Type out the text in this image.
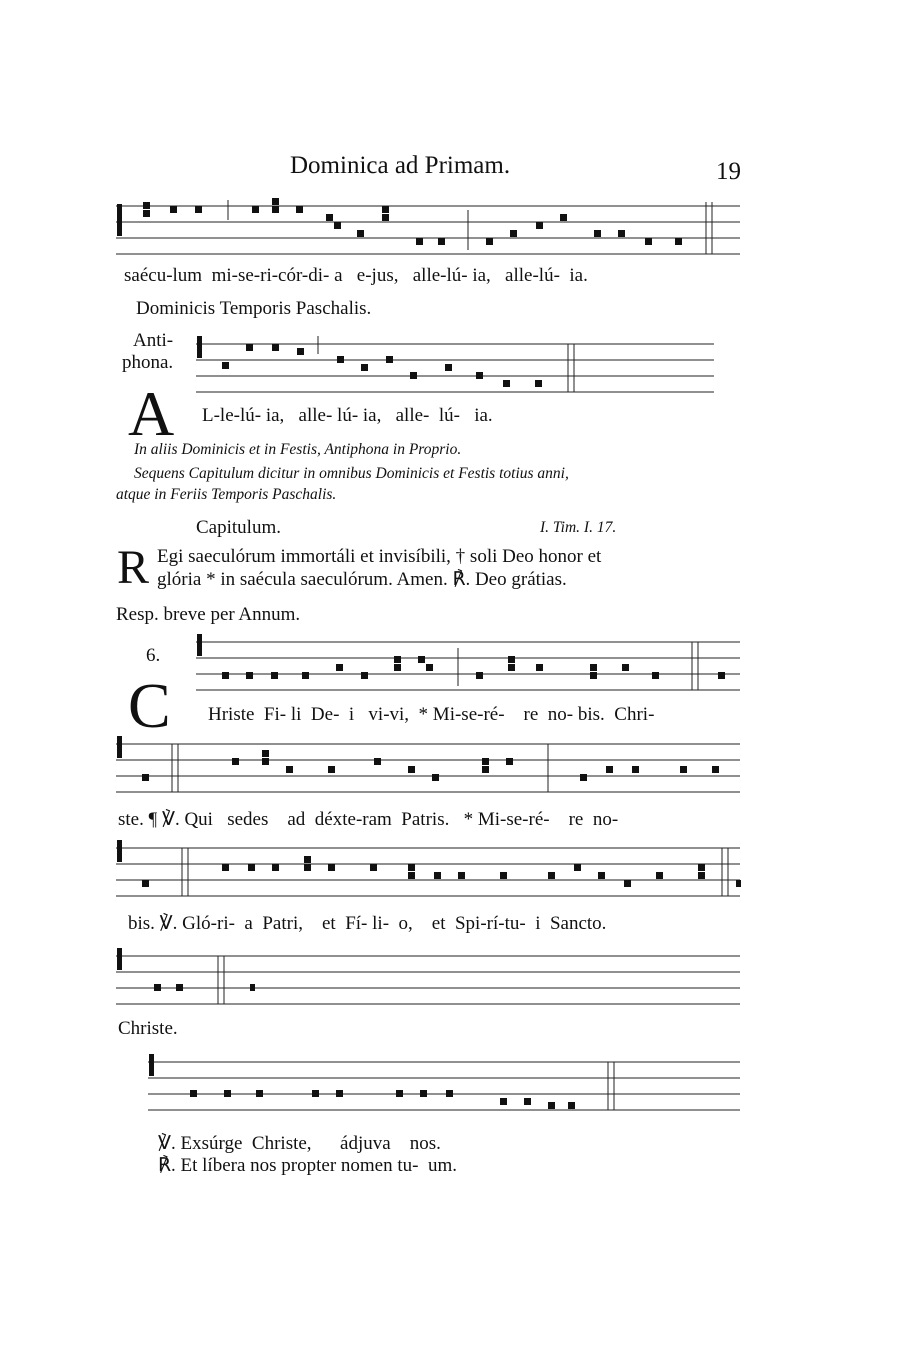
Dominica ad Primam.	19
saécu-lum  mi-se-ri-cór-di- a   e-jus,   alle-lú- ia,   alle-lú-  ia.
Dominicis Temporis Paschalis.
Anti-
phona.
A L-le-lú- ia,   alle- lú- ia,   alle-  lú-   ia.
In aliis Dominicis et in Festis, Antiphona in Proprio.
Sequens Capitulum dicitur in omnibus Dominicis et Festis totius anni,
atque in Feriis Temporis Paschalis.
Capitulum.	I. Tim. I. 17.
R Egi saeculórum immortáli et invisíbili, † soli Deo honor et
glória * in saécula saeculórum. Amen. ℟. Deo grátias.
Resp. breve per Annum.
6.
C Hriste  Fi- li  De-  i   vi-vi,  * Mi-se-ré-    re  no- bis.  Chri-
ste. ¶ ℣. Qui   sedes    ad  déxte-ram  Patris.   * Mi-se-ré-    re  no-
bis. ℣. Gló-ri-  a  Patri,    et  Fí- li-  o,    et  Spi-rí-tu-  i  Sancto.
Christe.
℣. Exsúrge  Christe,      ádjuva    nos.
℟. Et líbera nos propter nomen tu-  um.
